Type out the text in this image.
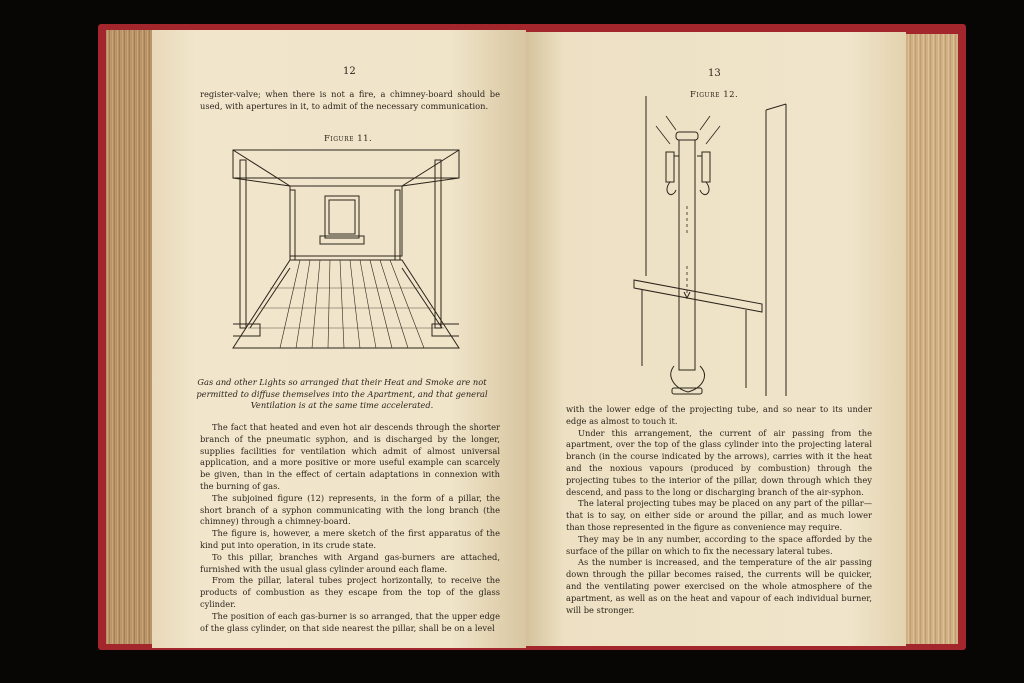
12

register-valve; when there is not a fire, a chimney-board should be used, with apertures in it, to admit of the necessary communication.

Figure 11.
Gas and other Lights so arranged that their Heat and Smoke are not permitted to diffuse themselves into the Apartment, and that general Ventilation is at the same time accelerated.

The fact that heated and even hot air descends through the shorter branch of the pneumatic syphon, and is discharged by the longer, supplies facilities for ventilation which admit of almost universal application, and a more positive or more useful example can scarcely be given, than in the effect of certain adaptations in connexion with the burning of gas.

The subjoined figure (12) represents, in the form of a pillar, the short branch of a syphon communicating with the long branch (the chimney) through a chimney-board.

The figure is, however, a mere sketch of the first apparatus of the kind put into operation, in its crude state.

To this pillar, branches with Argand gas-burners are attached, furnished with the usual glass cylinder around each flame.

From the pillar, lateral tubes project horizontally, to receive the products of combustion as they escape from the top of the glass cylinder.

The position of each gas-burner is so arranged, that the upper edge of the glass cylinder, on that side nearest the pillar, shall be on a level

13
Figure 12.

with the lower edge of the projecting tube, and so near to its under edge as almost to touch it.

Under this arrangement, the current of air passing from the apartment, over the top of the glass cylinder into the projecting lateral branch (in the course indicated by the arrows), carries with it the heat and the noxious vapours (produced by combustion) through the projecting tubes to the interior of the pillar, down through which they descend, and pass to the long or discharging branch of the air-syphon.

The lateral projecting tubes may be placed on any part of the pillar—that is to say, on either side or around the pillar, and as much lower than those represented in the figure as convenience may require.

They may be in any number, according to the space afforded by the surface of the pillar on which to fix the necessary lateral tubes.

As the number is increased, and the temperature of the air passing down through the pillar becomes raised, the currents will be quicker, and the ventilating power exercised on the whole atmosphere of the apartment, as well as on the heat and vapour of each individual burner, will be stronger.
